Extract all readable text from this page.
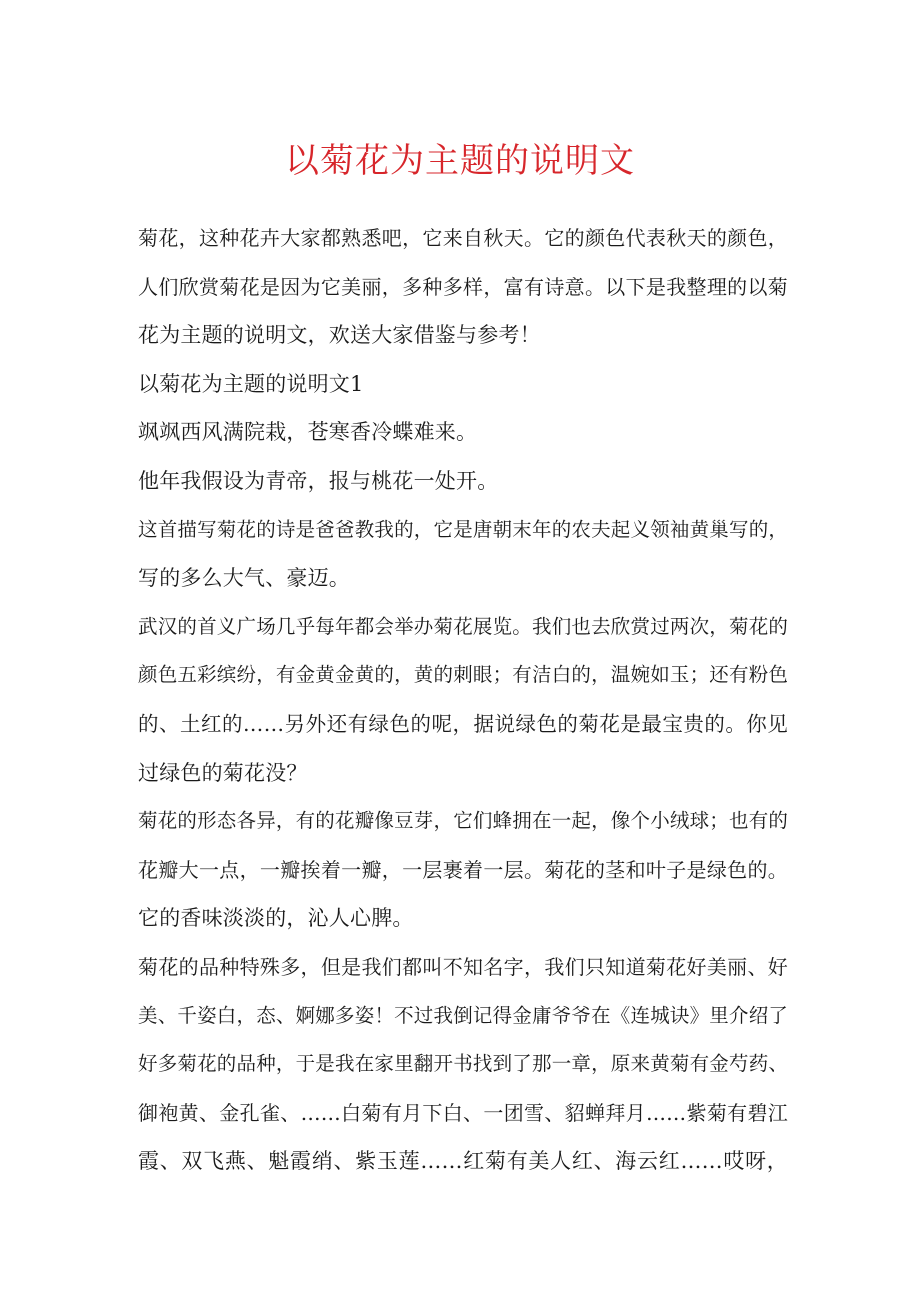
以菊花为主题的说明文
菊花，这种花卉大家都熟悉吧，它来自秋天。它的颜色代表秋天的颜色，
人们欣赏菊花是因为它美丽，多种多样，富有诗意。以下是我整理的以菊
花为主题的说明文，欢送大家借鉴与参考！
以菊花为主题的说明文1
飒飒西风满院栽，苍寒香冷蝶难来。
他年我假设为青帝，报与桃花一处开。
这首描写菊花的诗是爸爸教我的，它是唐朝末年的农夫起义领袖黄巢写的，
写的多么大气、豪迈。
武汉的首义广场几乎每年都会举办菊花展览。我们也去欣赏过两次，菊花的
颜色五彩缤纷，有金黄金黄的，黄的刺眼；有洁白的，温婉如玉；还有粉色
的、土红的……另外还有绿色的呢，据说绿色的菊花是最宝贵的。你见
过绿色的菊花没？
菊花的形态各异，有的花瓣像豆芽，它们蜂拥在一起，像个小绒球；也有的
花瓣大一点，一瓣挨着一瓣，一层裹着一层。菊花的茎和叶子是绿色的。
它的香味淡淡的，沁人心脾。
菊花的品种特殊多，但是我们都叫不知名字，我们只知道菊花好美丽、好
美、千姿白，态、婀娜多姿！不过我倒记得金庸爷爷在《连城诀》里介绍了
好多菊花的品种，于是我在家里翻开书找到了那一章，原来黄菊有金芍药、
御袍黄、金孔雀、……白菊有月下白、一团雪、貂蝉拜月……紫菊有碧江
霞、双飞燕、魁霞绡、紫玉莲……红菊有美人红、海云红……哎呀，
